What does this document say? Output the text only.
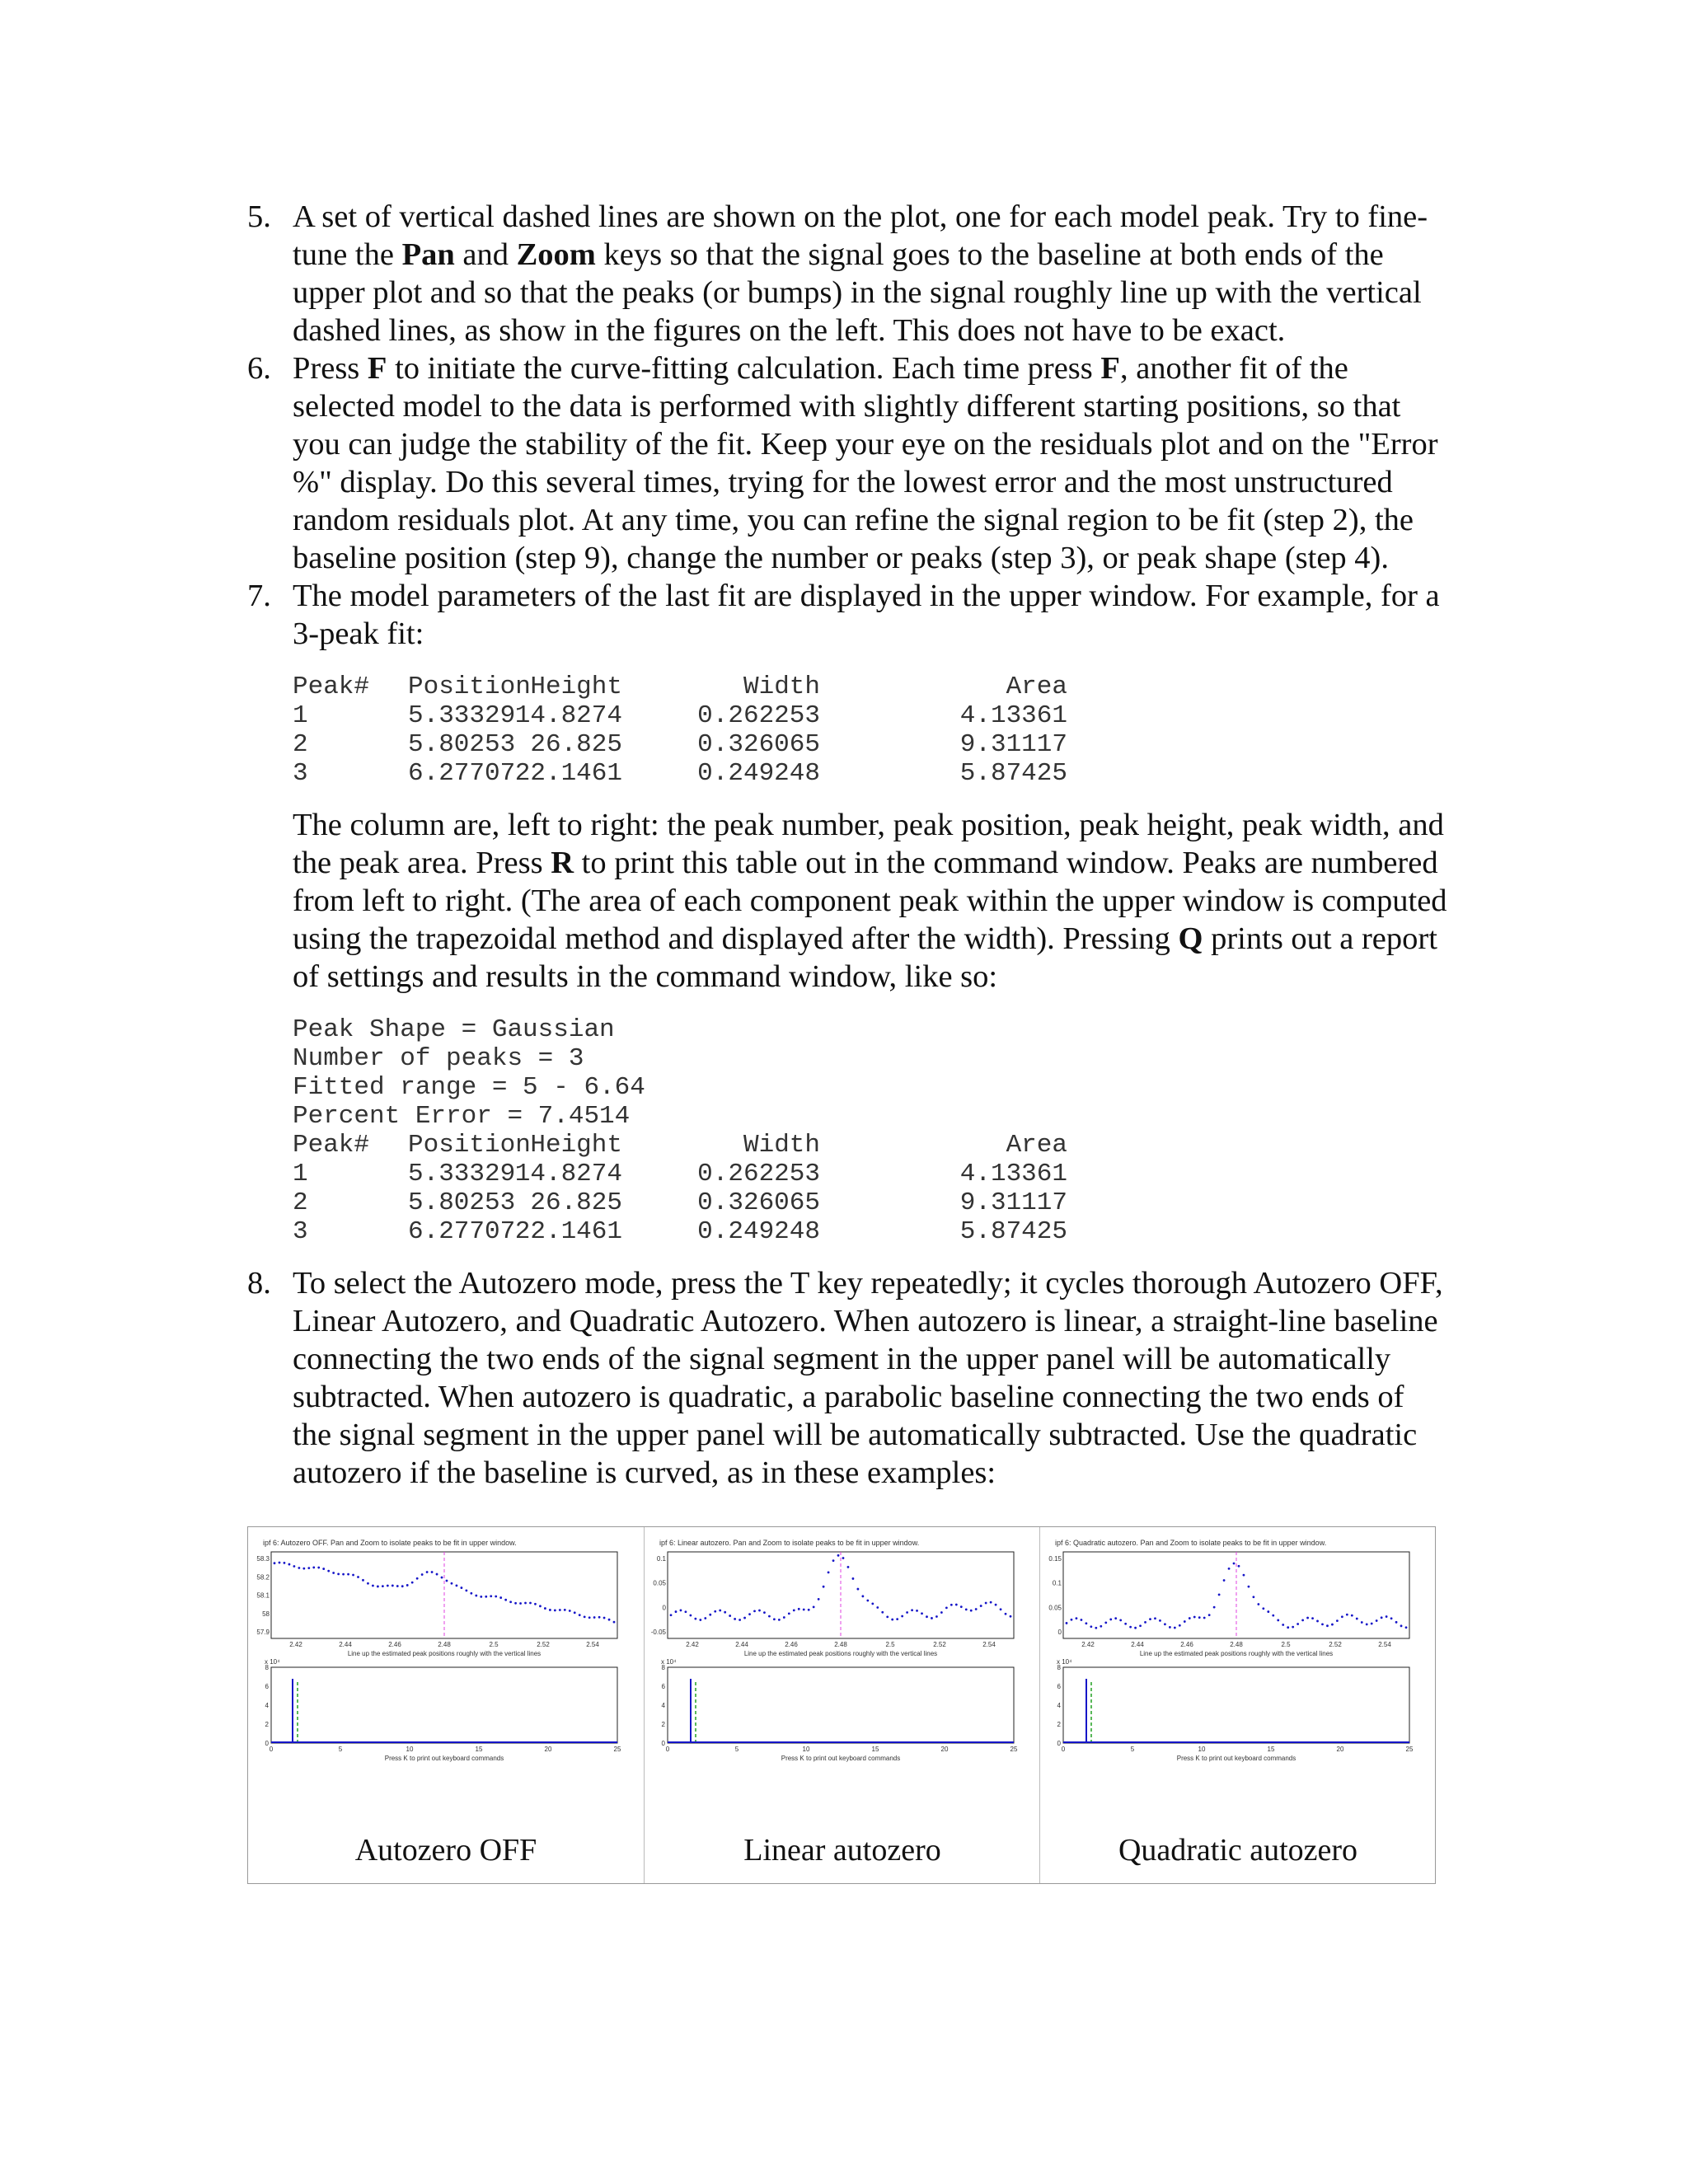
5. A set of vertical dashed lines are shown on the plot, one for each model peak. Try to fine-tune the Pan and Zoom keys so that the signal goes to the baseline at both ends of the upper plot and so that the peaks (or bumps) in the signal roughly line up with the vertical dashed lines, as show in the figures on the left. This does not have to be exact.
6. Press F to initiate the curve-fitting calculation. Each time press F, another fit of the selected model to the data is performed with slightly different starting positions, so that you can judge the stability of the fit. Keep your eye on the residuals plot and on the "Error %" display. Do this several times, trying for the lowest error and the most unstructured random residuals plot. At any time, you can refine the signal region to be fit (step 2), the baseline position (step 9), change the number or peaks (step 3), or peak shape (step 4).
7. The model parameters of the last fit are displayed in the upper window. For example, for a 3-peak fit:
Peak# Position Height	Width	Area
1	5.33329 14.8274	0.262253	4.13361
2	5.80253 26.825	0.326065	9.31117
3	6.27707 22.1461	0.249248	5.87425
The column are, left to right: the peak number, peak position, peak height, peak width, and the peak area. Press R to print this table out in the command window. Peaks are numbered from left to right. (The area of each component peak within the upper window is computed using the trapezoidal method and displayed after the width). Pressing Q prints out a report of settings and results in the command window, like so:
Peak Shape = Gaussian
Number of peaks = 3
Fitted range = 5 - 6.64
Percent Error = 7.4514
Peak# Position Height	Width	Area
1	5.33329 14.8274	0.262253	4.13361
2	5.80253 26.825	0.326065	9.31117
3	6.27707 22.1461	0.249248	5.87425
8. To select the Autozero mode, press the T key repeatedly; it cycles thorough Autozero OFF, Linear Autozero, and Quadratic Autozero. When autozero is linear, a straight-line baseline connecting the two ends of the signal segment in the upper panel will be automatically subtracted. When autozero is quadratic, a parabolic baseline connecting the two ends of the signal segment in the upper panel will be automatically subtracted. Use the quadratic autozero if the baseline is curved, as in these examples:
ipf 6: Autozero OFF. Pan and Zoom to isolate peaks to be fit in upper window.
58.3
58.2
58.1
58
57.9
2.42	2.44	2.46	2.48	2.5	2.52	2.54
Line up the estimated peak positions roughly with the vertical lines
x 10⁴
8
6
4
2
0
0	5	10	15	20	25
Press K to print out keyboard commands
Autozero OFF
ipf 6: Linear autozero. Pan and Zoom to isolate peaks to be fit in upper window.
0.1
0.05
0
-0.05
2.42	2.44	2.46	2.48	2.5	2.52	2.54
Line up the estimated peak positions roughly with the vertical lines
x 10⁴
8
6
4
2
0
0	5	10	15	20	25
Press K to print out keyboard commands
Linear autozero
ipf 6: Quadratic autozero. Pan and Zoom to isolate peaks to be fit in upper window.
0.15
0.1
0.05
0
2.42	2.44	2.46	2.48	2.5	2.52	2.54
Line up the estimated peak positions roughly with the vertical lines
x 10⁴
8
6
4
2
0
0	5	10	15	20	25
Press K to print out keyboard commands
Quadratic autozero
